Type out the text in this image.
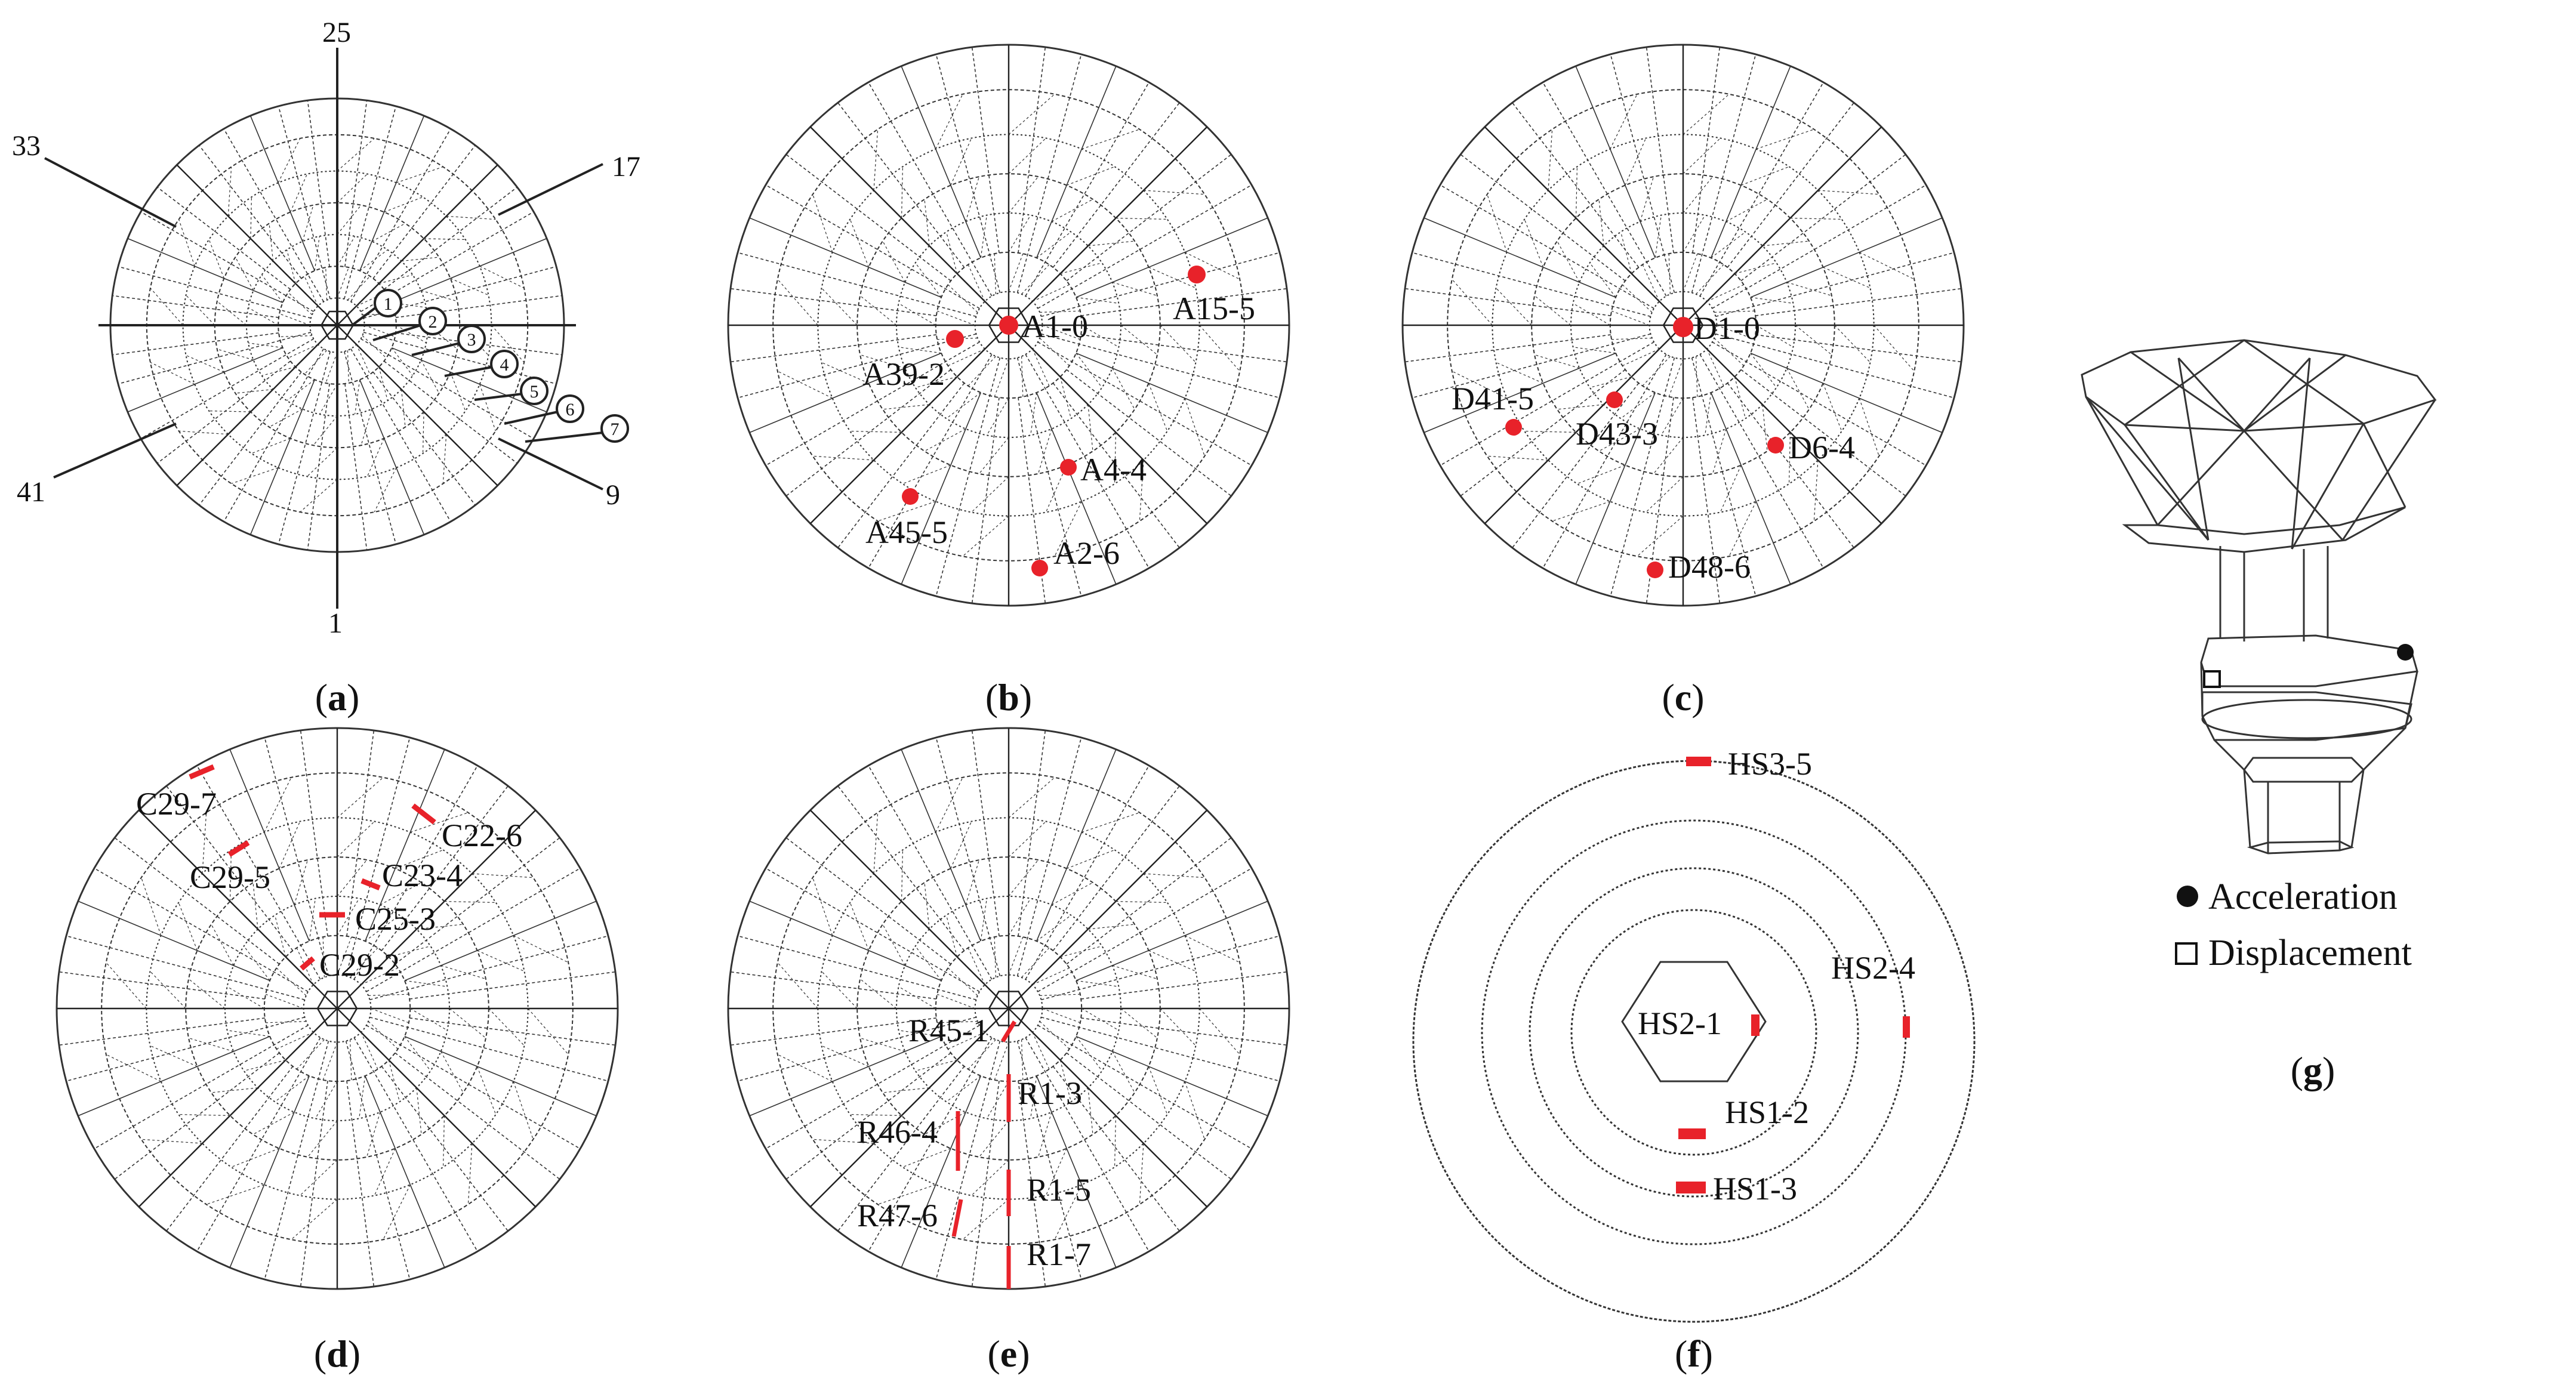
25
17
33
41	9
1
1
2
3
4
5
6
7
(a)
A1-0	A15-5
A39-2
A4-4
A45-5
A2-6
(b)
D1-0
D41-5
D43-3	D6-4
D48-6
(c)
C29-7
C22-6
C29-5	C23-4
C25-3
C29-2
(d)
R45-1
R1-3
R46-4
R1-5
R47-6
R1-7
(e)
HS3-5
HS2-4
HS2-1
HS1-2
HS1-3
(f)
Acceleration
Displacement
(g)
